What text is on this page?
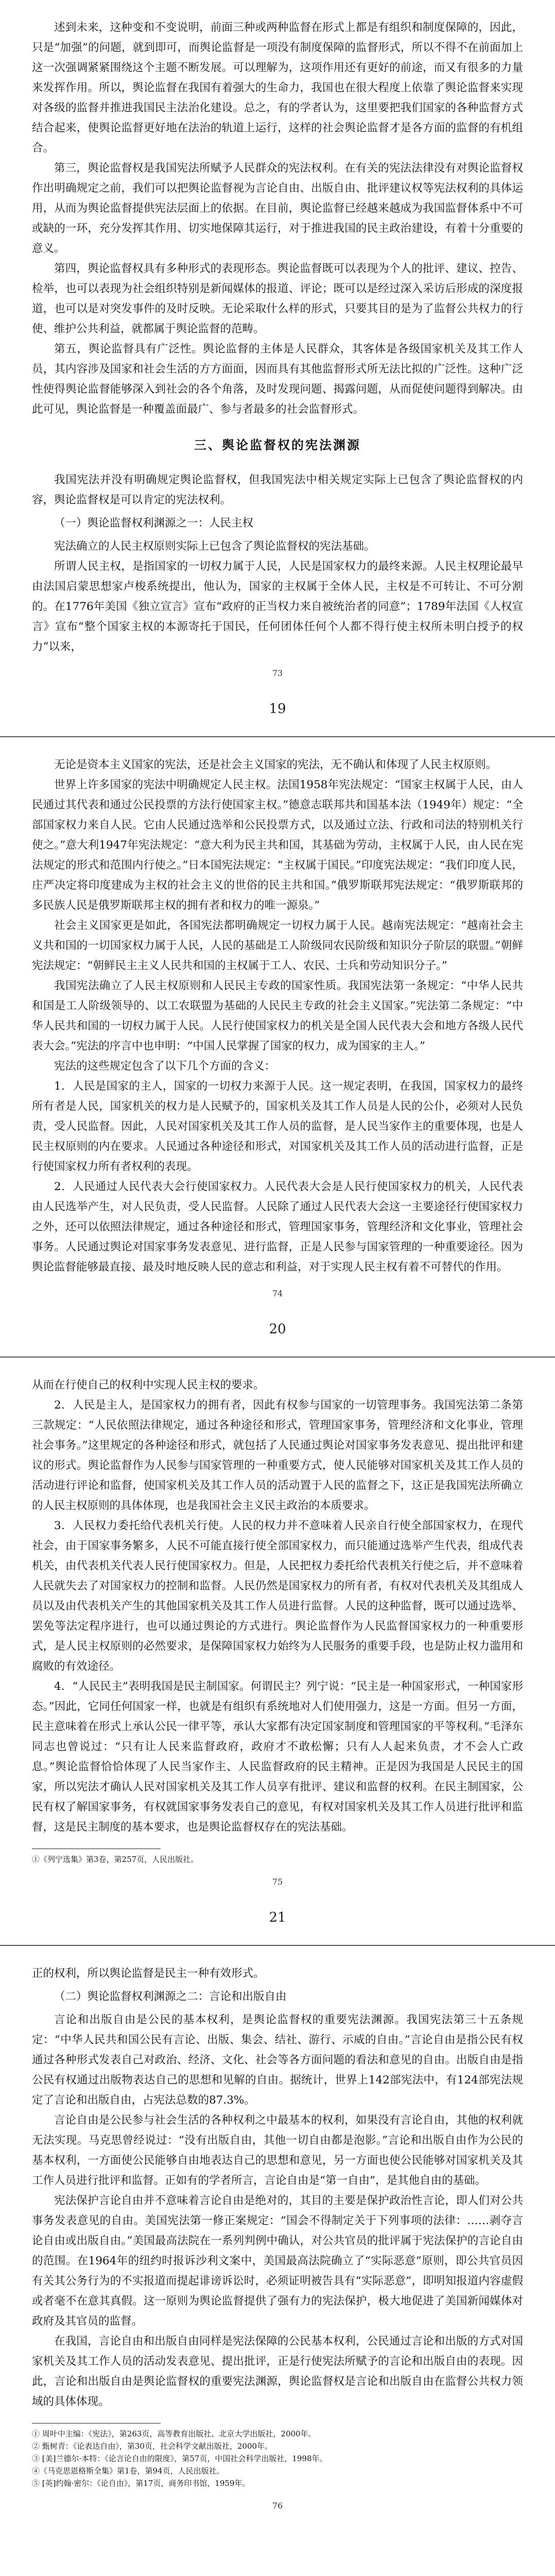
述到未来，这种变和不变说明，前面三种或两种监督在形式上都是有组织和制度保障的，因此，只是“加强”的问题，就到即可，而舆论监督是一项没有制度保障的监督形式，所以不得不在前面加上这一次强调紧紧围绕这个主题不断发展。可以理解为，这项作用还有更好的前途，而又有很多的力量来发挥作用。所以，舆论监督在我国有着强大的生命力，我国也在很大程度上依靠了舆论监督来实现对各级的监督并推进我国民主法治化建设。总之，有的学者认为，这里要把我们国家的各种监督方式结合起来，使舆论监督更好地在法治的轨道上运行，这样的社会舆论监督才是各方面的监督的有机组合。

第三，舆论监督权是我国宪法所赋予人民群众的宪法权利。在有关的宪法法律没有对舆论监督权作出明确规定之前，我们可以把舆论监督视为言论自由、出版自由、批评建议权等宪法权利的具体运用，从而为舆论监督提供宪法层面上的依据。在目前，舆论监督已经越来越成为我国监督体系中不可或缺的一环，充分发挥其作用、切实地保障其运行，对于推进我国的民主政治建设，有着十分重要的意义。

第四，舆论监督权具有多种形式的表现形态。舆论监督既可以表现为个人的批评、建议、控告、检举，也可以表现为社会组织特别是新闻媒体的报道、评论；既可以是经过深入采访后形成的深度报道，也可以是对突发事件的及时反映。无论采取什么样的形式，只要其目的是为了监督公共权力的行使、维护公共利益，就都属于舆论监督的范畴。

第五，舆论监督具有广泛性。舆论监督的主体是人民群众，其客体是各级国家机关及其工作人员，其内容涉及国家和社会生活的方方面面，因而具有其他监督形式所无法比拟的广泛性。这种广泛性使得舆论监督能够深入到社会的各个角落，及时发现问题、揭露问题，从而促使问题得到解决。由此可见，舆论监督是一种覆盖面最广、参与者最多的社会监督形式。

三、舆论监督权的宪法渊源

我国宪法并没有明确规定舆论监督权，但我国宪法中相关规定实际上已包含了舆论监督权的内容，舆论监督权是可以肯定的宪法权利。

（一）舆论监督权利渊源之一：人民主权

宪法确立的人民主权原则实际上已包含了舆论监督权的宪法基础。

所谓人民主权，是指国家的一切权力属于人民，人民是国家权力的最终来源。人民主权理论最早由法国启蒙思想家卢梭系统提出，他认为，国家的主权属于全体人民，主权是不可转让、不可分割的。在1776年美国《独立宣言》宣布“政府的正当权力来自被统治者的同意”；1789年法国《人权宣言》宣布“整个国家主权的本源寄托于国民，任何团体任何个人都不得行使主权所未明白授予的权力”以来，

73
19

无论是资本主义国家的宪法，还是社会主义国家的宪法，无不确认和体现了人民主权原则。

世界上许多国家的宪法中明确规定人民主权。法国1958年宪法规定：“国家主权属于人民，由人民通过其代表和通过公民投票的方法行使国家主权。”德意志联邦共和国基本法（1949年）规定：“全部国家权力来自人民。它由人民通过选举和公民投票方式，以及通过立法、行政和司法的特别机关行使之。”意大利1947年宪法规定：“意大利为民主共和国，其基础为劳动，主权属于人民，由人民在宪法规定的形式和范围内行使之。”日本国宪法规定：“主权属于国民。”印度宪法规定：“我们印度人民，庄严决定将印度建成为主权的社会主义的世俗的民主共和国。”俄罗斯联邦宪法规定：“俄罗斯联邦的多民族人民是俄罗斯联邦主权的拥有者和权力的唯一源泉。”

社会主义国家更是如此，各国宪法都明确规定一切权力属于人民。越南宪法规定：“越南社会主义共和国的一切国家权力属于人民，人民的基础是工人阶级同农民阶级和知识分子阶层的联盟。”朝鲜宪法规定：“朝鲜民主主义人民共和国的主权属于工人、农民、士兵和劳动知识分子。”

我国宪法确立了人民主权原则和人民民主专政的国家性质。我国宪法第一条规定：“中华人民共和国是工人阶级领导的、以工农联盟为基础的人民民主专政的社会主义国家。”宪法第二条规定：“中华人民共和国的一切权力属于人民。人民行使国家权力的机关是全国人民代表大会和地方各级人民代表大会。”宪法的序言中也申明：“中国人民掌握了国家的权力，成为国家的主人。”

宪法的这些规定包含了以下几个方面的含义：

1．人民是国家的主人，国家的一切权力来源于人民。这一规定表明，在我国，国家权力的最终所有者是人民，国家机关的权力是人民赋予的，国家机关及其工作人员是人民的公仆，必须对人民负责，受人民监督。因此，人民对国家机关及其工作人员的监督，是人民当家作主的重要体现，也是人民主权原则的内在要求。人民通过各种途径和形式，对国家机关及其工作人员的活动进行监督，正是行使国家权力所有者权利的表现。

2．人民通过人民代表大会行使国家权力。人民代表大会是人民行使国家权力的机关，人民代表由人民选举产生，对人民负责，受人民监督。人民除了通过人民代表大会这一主要途径行使国家权力之外，还可以依照法律规定，通过各种途径和形式，管理国家事务，管理经济和文化事业，管理社会事务。人民通过舆论对国家事务发表意见、进行监督，正是人民参与国家管理的一种重要途径。因为舆论监督能够最直接、最及时地反映人民的意志和利益，对于实现人民主权有着不可替代的作用。

74
20

从而在行使自己的权利中实现人民主权的要求。

2．人民是主人，是国家权力的拥有者，因此有权参与国家的一切管理事务。我国宪法第二条第三款规定：“人民依照法律规定，通过各种途径和形式，管理国家事务，管理经济和文化事业，管理社会事务。”这里规定的各种途径和形式，就包括了人民通过舆论对国家事务发表意见、提出批评和建议的形式。舆论监督作为人民参与国家管理的一种重要方式，使人民能够对国家机关及其工作人员的活动进行评论和监督，使国家机关及其工作人员的活动置于人民的监督之下，这正是我国宪法所确立的人民主权原则的具体体现，也是我国社会主义民主政治的本质要求。

3．人民权力委托给代表机关行使。人民的权力并不意味着人民亲自行使全部国家权力，在现代社会，由于国家事务繁多，人民不可能直接行使全部国家权力，而只能通过选举产生代表，组成代表机关，由代表机关代表人民行使国家权力。但是，人民把权力委托给代表机关行使之后，并不意味着人民就失去了对国家权力的控制和监督。人民仍然是国家权力的所有者，有权对代表机关及其组成人员以及由代表机关产生的其他国家机关及其工作人员进行监督。人民的这种监督，既可以通过选举、罢免等法定程序进行，也可以通过舆论的方式进行。舆论监督作为人民监督国家权力的一种重要形式，是人民主权原则的必然要求，是保障国家权力始终为人民服务的重要手段，也是防止权力滥用和腐败的有效途径。

4．“人民民主”表明我国是民主制国家。何谓民主？列宁说：“民主是一种国家形式，一种国家形态。”因此，它同任何国家一样，也就是有组织有系统地对人们使用强力，这是一方面。但另一方面，民主意味着在形式上承认公民一律平等，承认大家都有决定国家制度和管理国家的平等权利。”毛泽东同志也曾说过：“只有让人民来监督政府，政府才不敢松懈；只有人人起来负责，才不会人亡政息。”舆论监督恰恰体现了人民当家作主、人民监督政府的民主精神。正是因为我国是人民民主的国家，所以宪法才确认人民对国家机关及其工作人员享有批评、建议和监督的权利。在民主制国家，公民有权了解国家事务，有权就国家事务发表自己的意见，有权对国家机关及其工作人员进行批评和监督，这是民主制度的基本要求，也是舆论监督权存在的宪法基础。

①《列宁选集》第3卷，第257页，人民出版社。

75
21

正的权利，所以舆论监督是民主一种有效形式。

（二）舆论监督权利渊源之二：言论和出版自由

言论和出版自由是公民的基本权利，是舆论监督权的重要宪法渊源。我国宪法第三十五条规定：“中华人民共和国公民有言论、出版、集会、结社、游行、示威的自由。”言论自由是指公民有权通过各种形式发表自己对政治、经济、文化、社会等各方面问题的看法和意见的自由。出版自由是指公民有权通过出版物表达自己的思想和见解的自由。据统计，世界上142部宪法中，有124部宪法规定了言论和出版自由，占宪法总数的87.3%。

言论自由是公民参与社会生活的各种权利之中最基本的权利，如果没有言论自由，其他的权利就无法实现。马克思曾经说过：“没有出版自由，其他一切自由都是泡影。”言论和出版自由作为公民的基本权利，一方面使公民能够自由地表达自己的思想和意见，另一方面也使公民能够对国家机关及其工作人员进行批评和监督。正如有的学者所言，言论自由是“第一自由”，是其他自由的基础。

宪法保护言论自由并不意味着言论自由是绝对的，其目的主要是保护政治性言论，即人们对公共事务发表意见的自由。美国宪法第一修正案规定：“国会不得制定关于下列事项的法律：……剥夺言论自由或出版自由。”美国最高法院在一系列判例中确认，对公共官员的批评属于宪法保护的言论自由的范围。在1964年的纽约时报诉沙利文案中，美国最高法院确立了“实际恶意”原则，即公共官员因有关其公务行为的不实报道而提起诽谤诉讼时，必须证明被告具有“实际恶意”，即明知报道内容虚假或者毫不在意其真假。这一原则为舆论监督提供了强有力的宪法保护，极大地促进了美国新闻媒体对政府及其官员的监督。

在我国，言论自由和出版自由同样是宪法保障的公民基本权利，公民通过言论和出版的方式对国家机关及其工作人员的活动发表意见、提出批评，正是行使宪法所赋予的言论和出版自由的表现。因此，言论和出版自由是舆论监督权的重要宪法渊源，舆论监督权是言论和出版自由在监督公共权力领域的具体体现。

① 周叶中主编：《宪法》，第263页，高等教育出版社、北京大学出版社，2000年。

② 甄树青：《论表达自由》，第30页，社会科学文献出版社，2000年。

③ [美]兰德尔·本特：《论言论自由的限度》，第57页，中国社会科学出版社，1998年。

④《马克思恩格斯全集》第1卷，第94页，人民出版社。

⑤ [英]约翰·密尔：《论自由》，第17页，商务印书馆，1959年。

76
